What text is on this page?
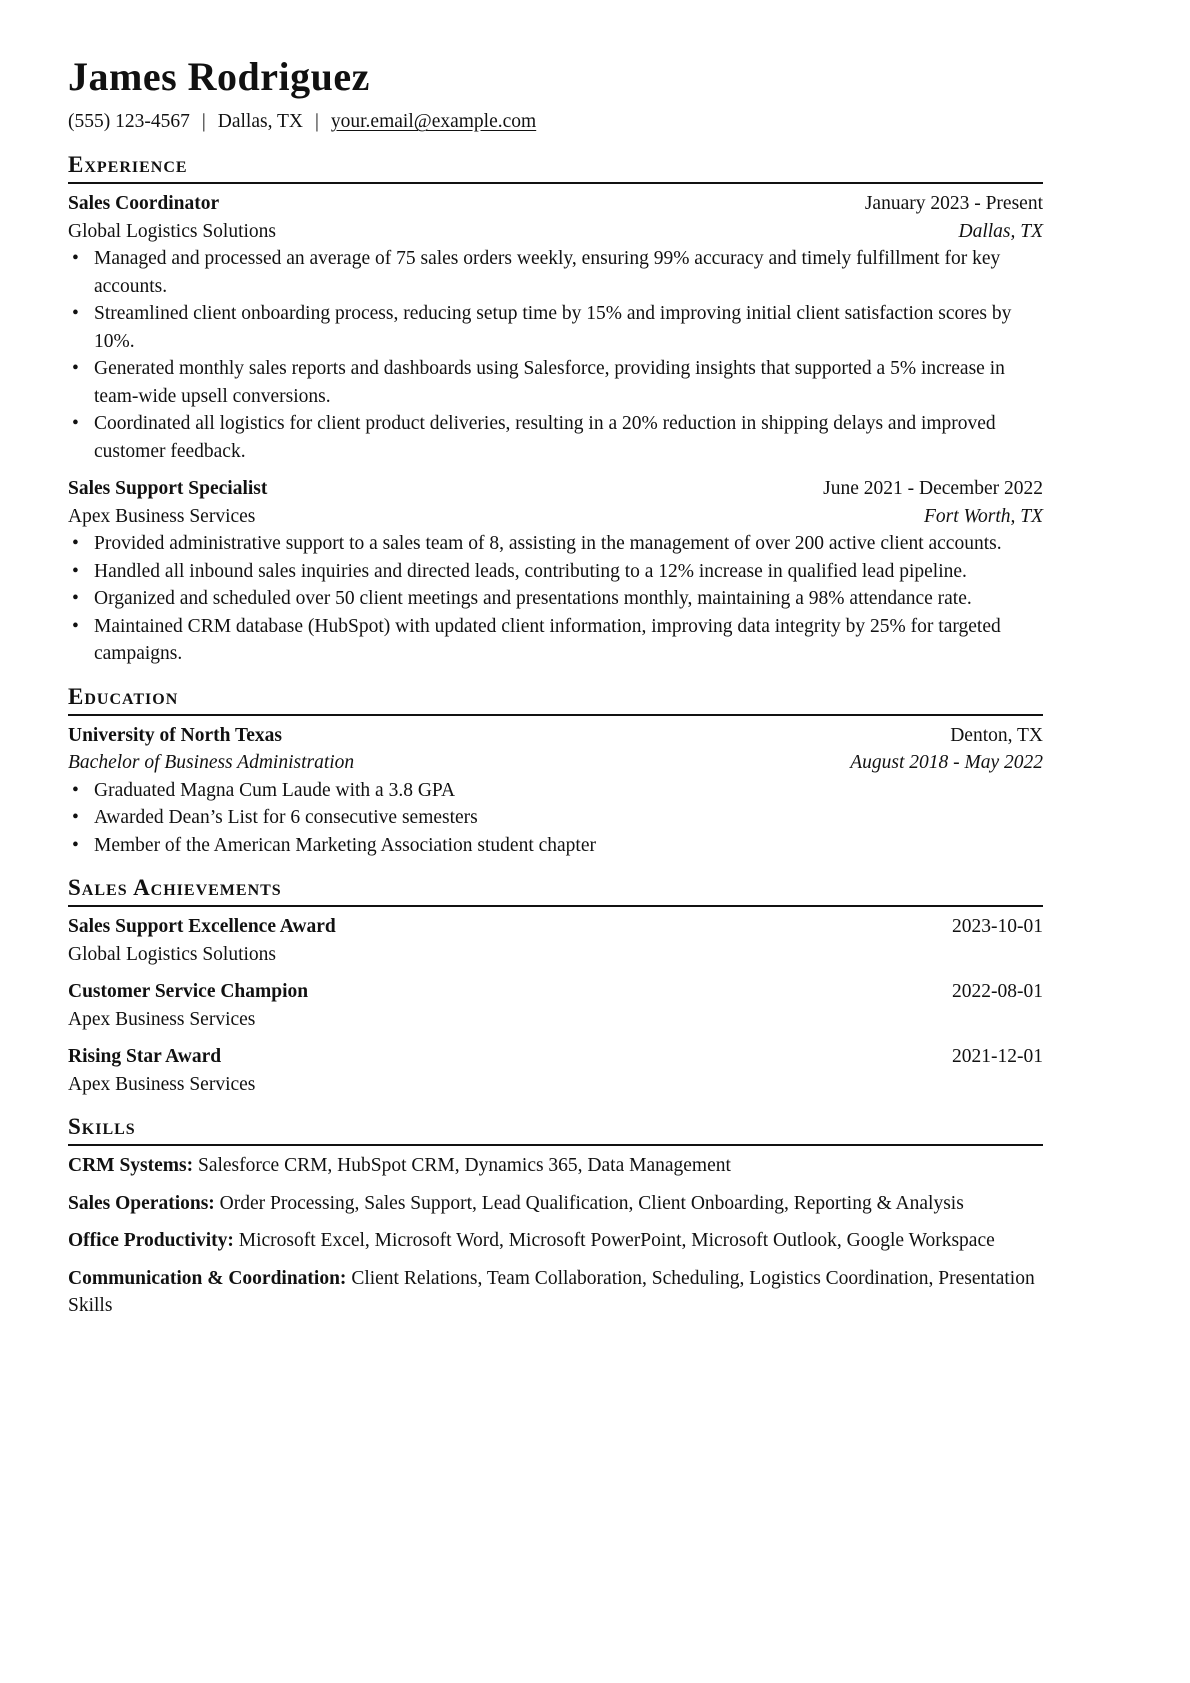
James Rodriguez
(555) 123-4567 | Dallas, TX | your.email@example.com
Experience
Sales Coordinator	January 2023 - Present
Global Logistics Solutions	Dallas, TX
• Managed and processed an average of 75 sales orders weekly, ensuring 99% accuracy and timely fulfillment for key accounts.
• Streamlined client onboarding process, reducing setup time by 15% and improving initial client satisfaction scores by 10%.
• Generated monthly sales reports and dashboards using Salesforce, providing insights that supported a 5% increase in team-wide upsell conversions.
• Coordinated all logistics for client product deliveries, resulting in a 20% reduction in shipping delays and improved customer feedback.
Sales Support Specialist	June 2021 - December 2022
Apex Business Services	Fort Worth, TX
• Provided administrative support to a sales team of 8, assisting in the management of over 200 active client accounts.
• Handled all inbound sales inquiries and directed leads, contributing to a 12% increase in qualified lead pipeline.
• Organized and scheduled over 50 client meetings and presentations monthly, maintaining a 98% attendance rate.
• Maintained CRM database (HubSpot) with updated client information, improving data integrity by 25% for targeted campaigns.
Education
University of North Texas	Denton, TX
Bachelor of Business Administration	August 2018 - May 2022
• Graduated Magna Cum Laude with a 3.8 GPA
• Awarded Dean’s List for 6 consecutive semesters
• Member of the American Marketing Association student chapter
Sales Achievements
Sales Support Excellence Award	2023-10-01
Global Logistics Solutions
Customer Service Champion	2022-08-01
Apex Business Services
Rising Star Award	2021-12-01
Apex Business Services
Skills
CRM Systems: Salesforce CRM, HubSpot CRM, Dynamics 365, Data Management
Sales Operations: Order Processing, Sales Support, Lead Qualification, Client Onboarding, Reporting & Analysis
Office Productivity: Microsoft Excel, Microsoft Word, Microsoft PowerPoint, Microsoft Outlook, Google Workspace
Communication & Coordination: Client Relations, Team Collaboration, Scheduling, Logistics Coordination, Presentation Skills
